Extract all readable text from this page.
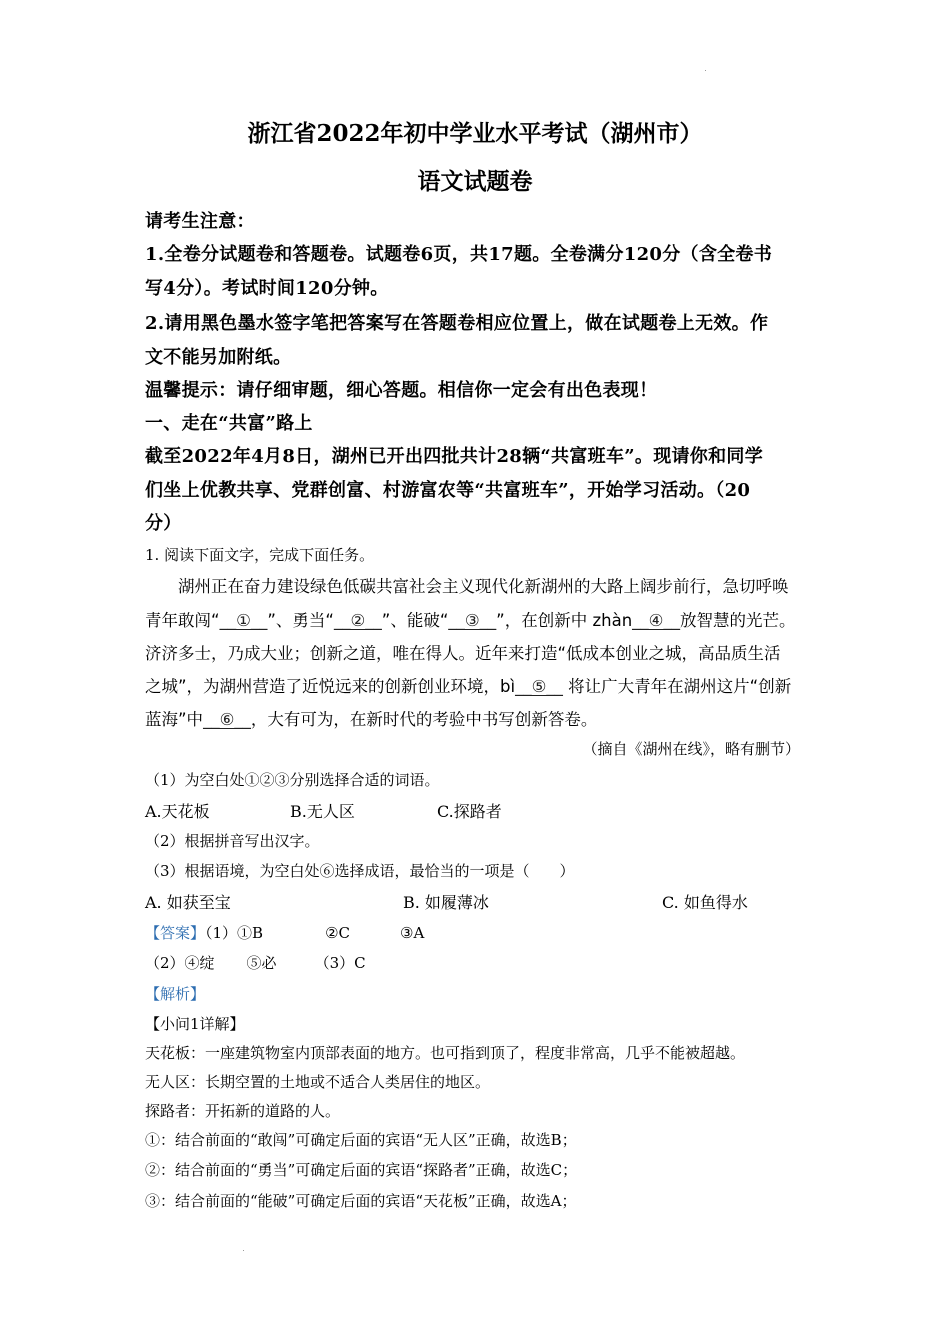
浙江省2022年初中学业水平考试（湖州市）
语文试题卷
请考生注意：
1.全卷分试题卷和答题卷。试题卷6页，共17题。全卷满分120分（含全卷书
写4分）。考试时间120分钟。
2.请用黑色墨水签字笔把答案写在答题卷相应位置上，做在试题卷上无效。作
文不能另加附纸。
温馨提示：请仔细审题，细心答题。相信你一定会有出色表现！
一、走在“共富”路上
截至2022年4月8日，湖州已开出四批共计28辆“共富班车”。现请你和同学
们坐上优教共享、党群创富、村游富农等“共富班车”，开始学习活动。（20
分）
1. 阅读下面文字，完成下面任务。
湖州正在奋力建设绿色低碳共富社会主义现代化新湖州的大路上阔步前行，急切呼唤
青年敢闯“__①__”、勇当“__②__”、能破“__③__”，在创新中 zhàn__④__放智慧的光芒。
济济多士，乃成大业；创新之道，唯在得人。近年来打造“低成本创业之城，高品质生活
之城”，为湖州营造了近悦远来的创新创业环境，bì__⑤__ 将让广大青年在湖州这片“创新
蓝海”中__⑥__，大有可为，在新时代的考验中书写创新答卷。
（摘自《湖州在线》，略有删节）
（1）为空白处①②③分别选择合适的词语。
A.天花板	B.无人区	C.探路者
（2）根据拼音写出汉字。
（3）根据语境，为空白处⑥选择成语，最恰当的一项是（　　）
A. 如获至宝	B. 如履薄冰	C. 如鱼得水
【答案】（1）①B	②C	③A
（2）④绽 ⑤必	（3）C
【解析】
【小问1详解】
天花板：一座建筑物室内顶部表面的地方。也可指到顶了，程度非常高，几乎不能被超越。
无人区：长期空置的土地或不适合人类居住的地区。
探路者：开拓新的道路的人。
①：结合前面的“敢闯”可确定后面的宾语“无人区”正确，故选B；
②：结合前面的“勇当”可确定后面的宾语“探路者”正确，故选C；
③：结合前面的“能破”可确定后面的宾语“天花板”正确，故选A；
